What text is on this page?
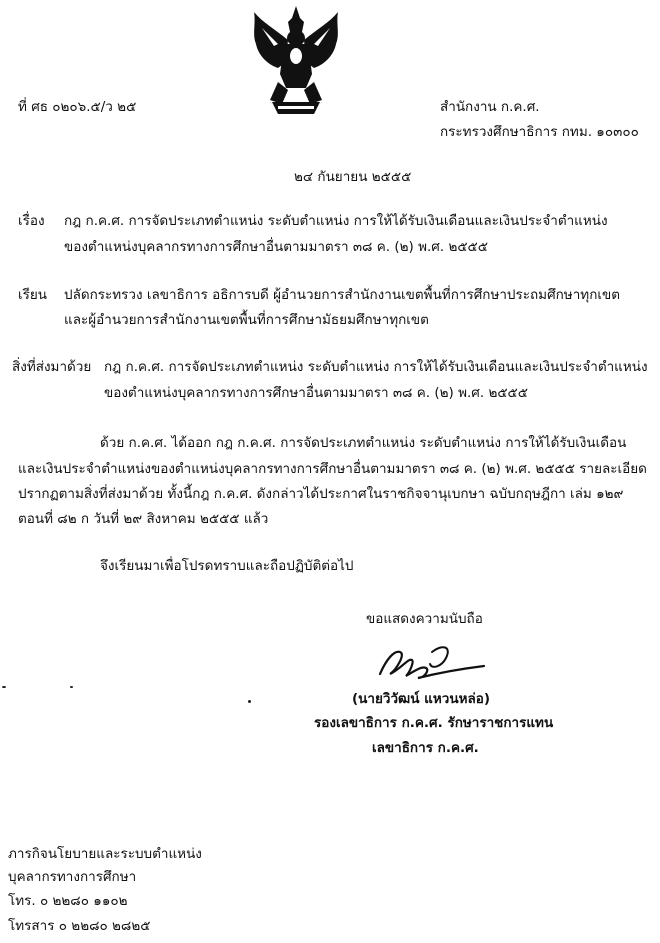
ที่ ศธ ๐๒๐๖.๕/ว ๒๕	สำนักงาน ก.ค.ศ.
กระทรวงศึกษาธิการ กทม. ๑๐๓๐๐
๒๔ กันยายน ๒๕๕๕
เรื่อง กฎ ก.ค.ศ. การจัดประเภทตำแหน่ง ระดับตำแหน่ง การให้ได้รับเงินเดือนและเงินประจำตำแหน่ง
ของตำแหน่งบุคลากรทางการศึกษาอื่นตามมาตรา ๓๘ ค. (๒) พ.ศ. ๒๕๕๕
เรียน ปลัดกระทรวง เลขาธิการ อธิการบดี ผู้อำนวยการสำนักงานเขตพื้นที่การศึกษาประถมศึกษาทุกเขต
และผู้อำนวยการสำนักงานเขตพื้นที่การศึกษามัธยมศึกษาทุกเขต
สิ่งที่ส่งมาด้วย กฎ ก.ค.ศ. การจัดประเภทตำแหน่ง ระดับตำแหน่ง การให้ได้รับเงินเดือนและเงินประจำตำแหน่ง
ของตำแหน่งบุคลากรทางการศึกษาอื่นตามมาตรา ๓๘ ค. (๒) พ.ศ. ๒๕๕๕
ด้วย ก.ค.ศ. ได้ออก กฎ ก.ค.ศ. การจัดประเภทตำแหน่ง ระดับตำแหน่ง การให้ได้รับเงินเดือน
และเงินประจำตำแหน่งของตำแหน่งบุคลากรทางการศึกษาอื่นตามมาตรา ๓๘ ค. (๒) พ.ศ. ๒๕๕๕ รายละเอียด
ปรากฏตามสิ่งที่ส่งมาด้วย ทั้งนี้กฎ ก.ค.ศ. ดังกล่าวได้ประกาศในราชกิจจานุเบกษา ฉบับกฤษฎีกา เล่ม ๑๒๙
ตอนที่ ๘๒ ก วันที่ ๒๙ สิงหาคม ๒๕๕๕ แล้ว
จึงเรียนมาเพื่อโปรดทราบและถือปฏิบัติต่อไป
ขอแสดงความนับถือ
(นายวิวัฒน์ แหวนหล่อ)
รองเลขาธิการ ก.ค.ศ. รักษาราชการแทน
เลขาธิการ ก.ค.ศ.
ภารกิจนโยบายและระบบตำแหน่ง
บุคลากรทางการศึกษา
โทร. ๐ ๒๒๘๐ ๑๑๐๒
โทรสาร ๐ ๒๒๘๐ ๒๘๒๕
